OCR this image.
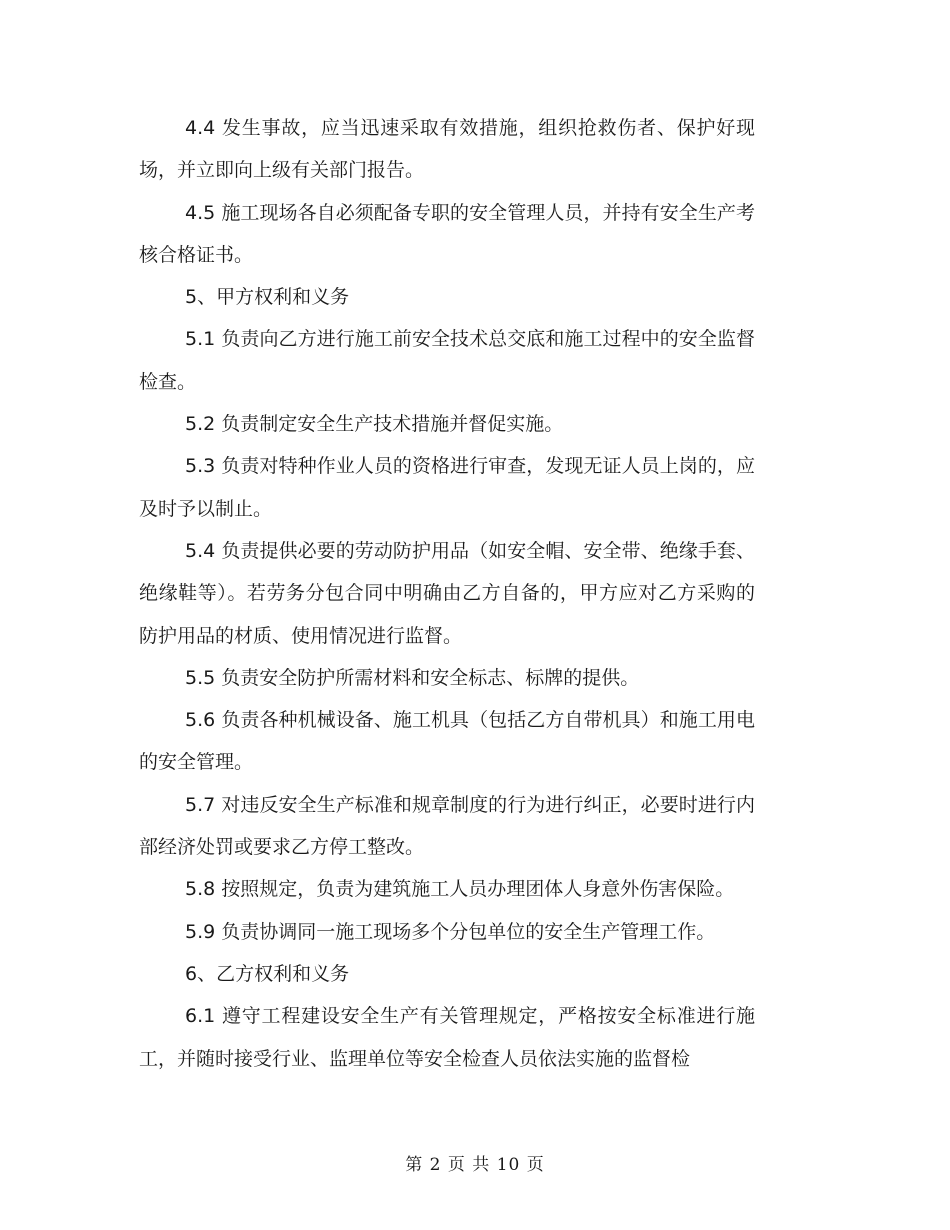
4.4 发生事故，应当迅速采取有效措施，组织抢救伤者、保护好现场，并立即向上级有关部门报告。

4.5 施工现场各自必须配备专职的安全管理人员，并持有安全生产考核合格证书。

5、甲方权利和义务

5.1 负责向乙方进行施工前安全技术总交底和施工过程中的安全监督检查。

5.2 负责制定安全生产技术措施并督促实施。

5.3 负责对特种作业人员的资格进行审查，发现无证人员上岗的，应及时予以制止。

5.4 负责提供必要的劳动防护用品（如安全帽、安全带、绝缘手套、绝缘鞋等）。若劳务分包合同中明确由乙方自备的，甲方应对乙方采购的防护用品的材质、使用情况进行监督。

5.5 负责安全防护所需材料和安全标志、标牌的提供。

5.6 负责各种机械设备、施工机具（包括乙方自带机具）和施工用电的安全管理。

5.7 对违反安全生产标准和规章制度的行为进行纠正，必要时进行内部经济处罚或要求乙方停工整改。

5.8 按照规定，负责为建筑施工人员办理团体人身意外伤害保险。

5.9 负责协调同一施工现场多个分包单位的安全生产管理工作。

6、乙方权利和义务

6.1 遵守工程建设安全生产有关管理规定，严格按安全标准进行施工，并随时接受行业、监理单位等安全检查人员依法实施的监督检

第 2 页 共 10 页
